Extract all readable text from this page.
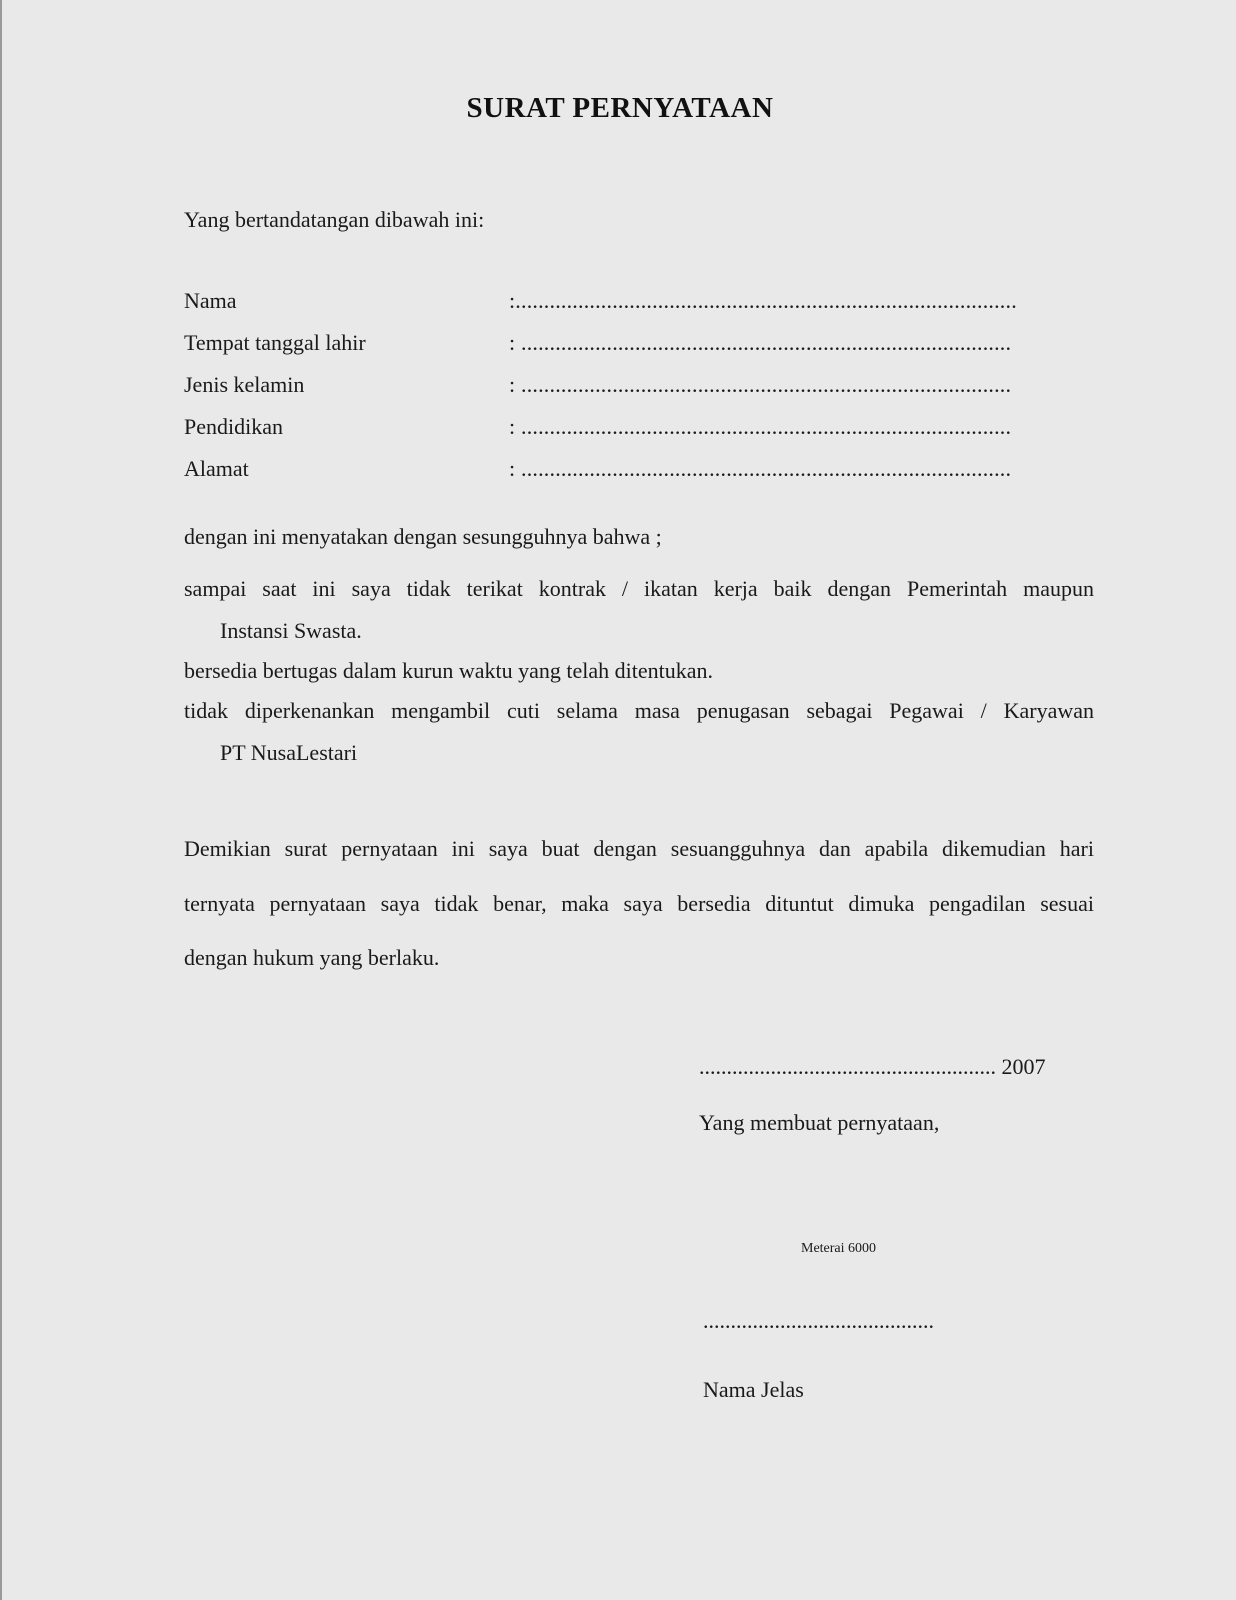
SURAT PERNYATAAN
Yang bertandatangan dibawah ini:
Nama	:........................................................................................
Tempat tanggal lahir	: ......................................................................................
Jenis kelamin	: ......................................................................................
Pendidikan	: ......................................................................................
Alamat	: ......................................................................................
dengan ini menyatakan dengan sesungguhnya bahwa ;
sampai saat ini saya tidak terikat kontrak / ikatan kerja baik dengan Pemerintah maupun
Instansi Swasta.
bersedia bertugas dalam kurun waktu yang telah ditentukan.
tidak diperkenankan mengambil cuti selama masa penugasan sebagai Pegawai / Karyawan
PT NusaLestari
Demikian surat pernyataan ini saya buat dengan sesuangguhnya dan apabila dikemudian hari
ternyata pernyataan saya tidak benar, maka saya bersedia dituntut dimuka pengadilan sesuai
dengan hukum yang berlaku.
...................................................... 2007
Yang membuat pernyataan,
Meterai 6000
..........................................
Nama Jelas
